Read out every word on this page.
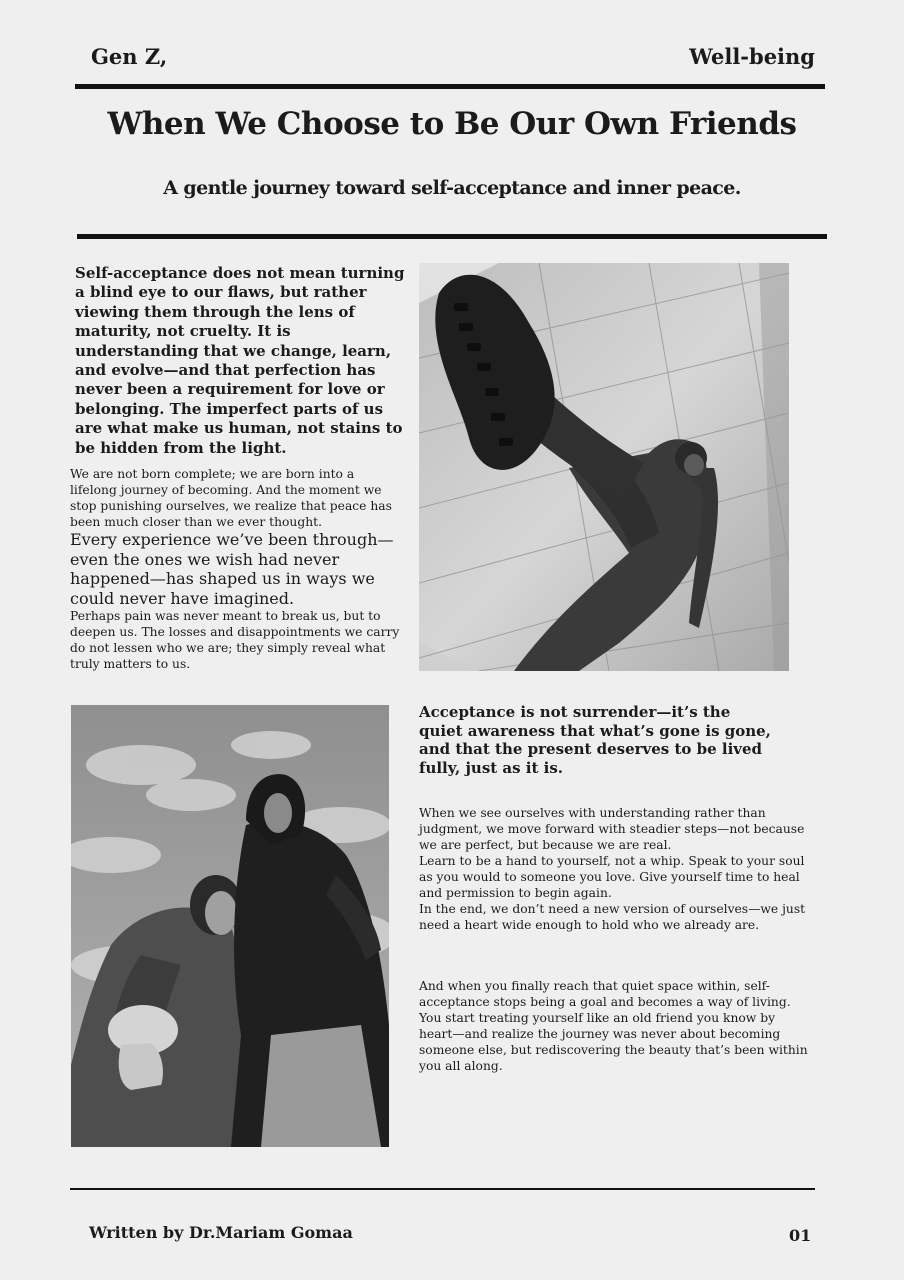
Gen Z,	Well-being
When We Choose to Be Our Own Friends
A gentle journey toward self-acceptance and inner peace.
Self-acceptance does not mean turning a blind eye to our flaws, but rather viewing them through the lens of maturity, not cruelty. It is understanding that we change, learn, and evolve—and that perfection has never been a requirement for love or belonging. The imperfect parts of us are what make us human, not stains to be hidden from the light.

We are not born complete; we are born into a lifelong journey of becoming. And the moment we stop punishing ourselves, we realize that peace has been much closer than we ever thought.

Every experience we’ve been through—even the ones we wish had never happened—has shaped us in ways we could never have imagined.

Perhaps pain was never meant to break us, but to deepen us. The losses and disappointments we carry do not lessen who we are; they simply reveal what truly matters to us.

Acceptance is not surrender—it’s the quiet awareness that what’s gone is gone, and that the present deserves to be lived fully, just as it is.

When we see ourselves with understanding rather than judgment, we move forward with steadier steps—not because we are perfect, but because we are real.

Learn to be a hand to yourself, not a whip. Speak to your soul as you would to someone you love. Give yourself time to heal and permission to begin again.

In the end, we don’t need a new version of ourselves—we just need a heart wide enough to hold who we already are.

And when you finally reach that quiet space within, self-acceptance stops being a goal and becomes a way of living.

You start treating yourself like an old friend you know by heart—and realize the journey was never about becoming someone else, but rediscovering the beauty that’s been within you all along.

Written by Dr.Mariam Gomaa	01
